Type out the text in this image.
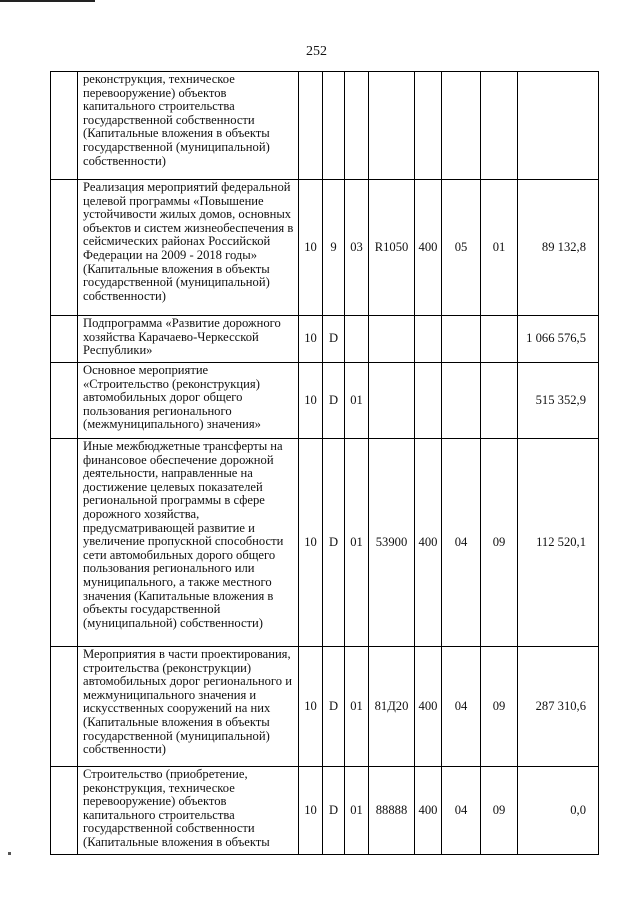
252
	реконструкция, техническое перевооружение) объектов капитального строительства государственной собственности (Капитальные вложения в объекты государственной (муниципальной) собственности)								
	Реализация мероприятий федеральной целевой программы «Повышение устойчивости жилых домов, основных объектов и систем жизнеобеспечения в сейсмических районах Российской Федерации на 2009 - 2018 годы» (Капитальные вложения в объекты государственной (муниципальной) собственности)	10	9	03	R1050	400	05	01	89 132,8
	Подпрограмма «Развитие дорожного хозяйства Карачаево-Черкесской Республики»	10	D						1 066 576,5
	Основное мероприятие «Строительство (реконструкция) автомобильных дорог общего пользования регионального (межмуниципального) значения»	10	D	01					515 352,9
	Иные межбюджетные трансферты на финансовое обеспечение дорожной деятельности, направленные на достижение целевых показателей региональной программы в сфере дорожного хозяйства, предусматривающей развитие и увеличение пропускной способности сети автомобильных дорого общего пользования регионального или муниципального, а также местного значения (Капитальные вложения в объекты государственной (муниципальной) собственности)	10	D	01	53900	400	04	09	112 520,1
	Мероприятия в части проектирования, строительства (реконструкции) автомобильных дорог регионального и межмуниципального значения и искусственных сооружений на них (Капитальные вложения в объекты государственной (муниципальной) собственности)	10	D	01	81Д20	400	04	09	287 310,6
	Строительство (приобретение, реконструкция, техническое перевооружение) объектов капитального строительства государственной собственности (Капитальные вложения в объекты	10	D	01	88888	400	04	09	0,0
